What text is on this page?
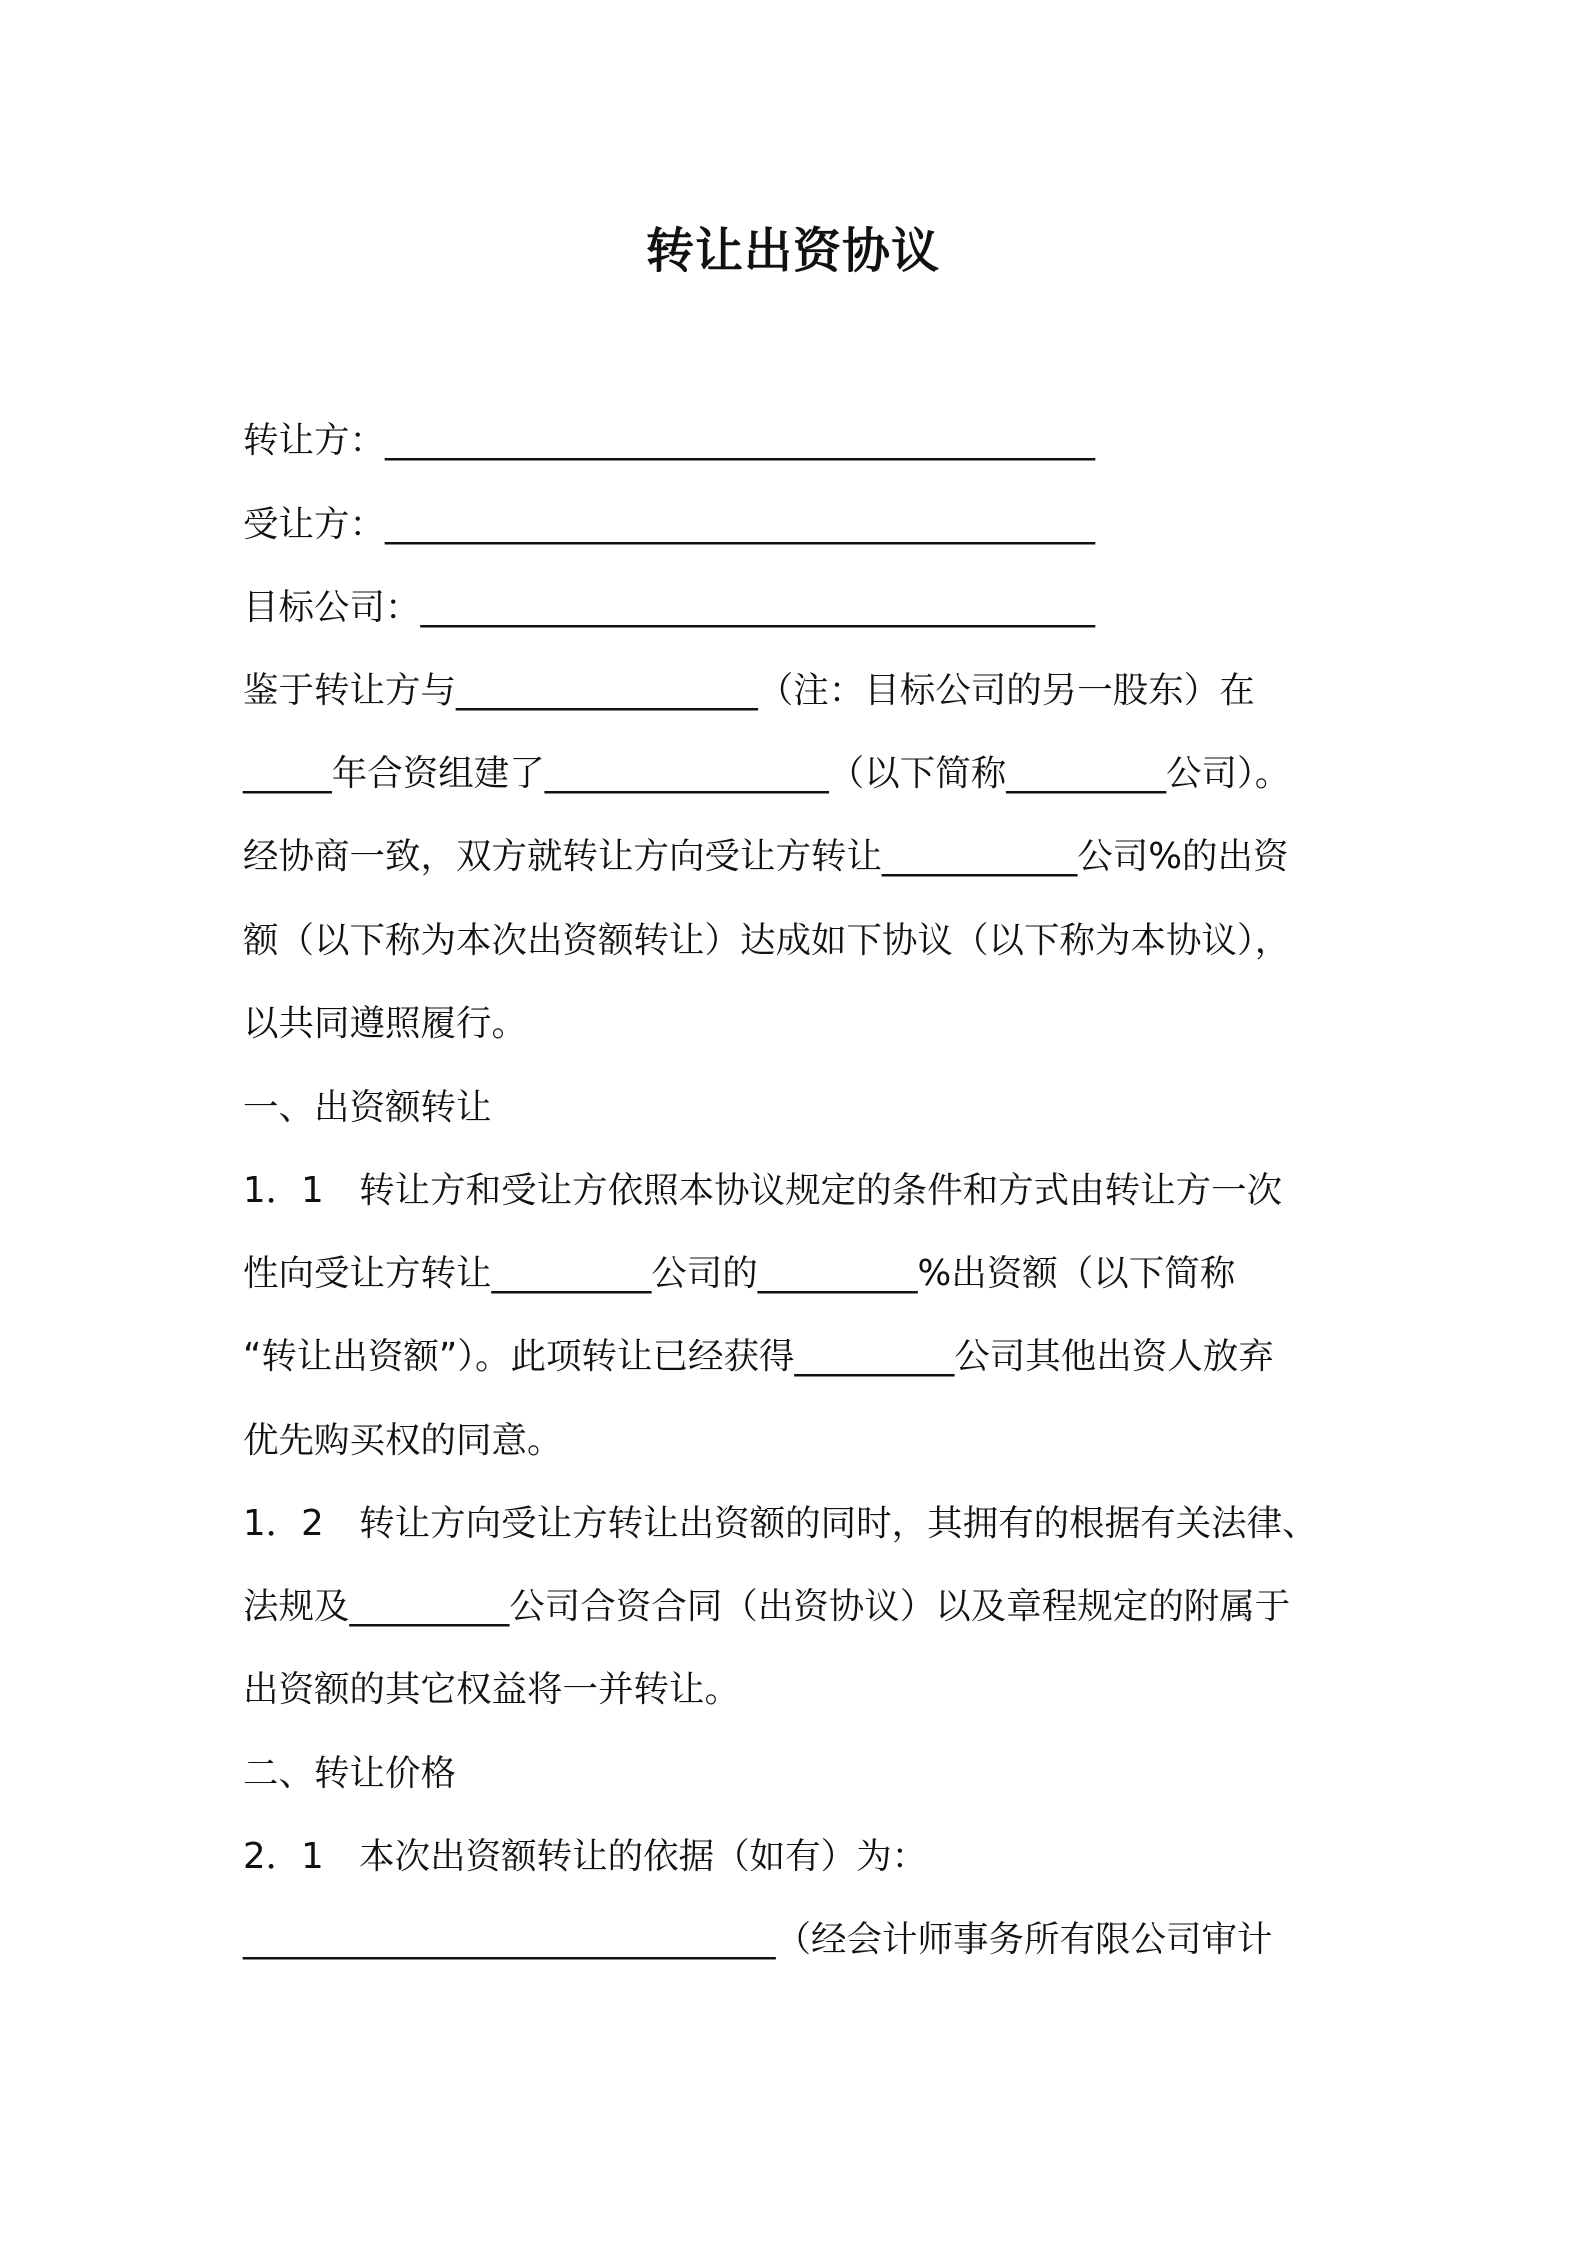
转让出资协议

转让方：________________________________________

受让方：________________________________________

目标公司：______________________________________

鉴于转让方与_________________（注：目标公司的另一股东）在

_____年合资组建了________________（以下简称_________公司）。

经协商一致，双方就转让方向受让方转让___________公司%的出资

额（以下称为本次出资额转让）达成如下协议（以下称为本协议），

以共同遵照履行。

一、出资额转让

1．1　转让方和受让方依照本协议规定的条件和方式由转让方一次

性向受让方转让_________公司的_________%出资额（以下简称

“转让出资额”）。此项转让已经获得_________公司其他出资人放弃

优先购买权的同意。

1．2　转让方向受让方转让出资额的同时，其拥有的根据有关法律、

法规及_________公司合资合同（出资协议）以及章程规定的附属于

出资额的其它权益将一并转让。

二、转让价格

2．1　本次出资额转让的依据（如有）为：

______________________________（经会计师事务所有限公司审计
